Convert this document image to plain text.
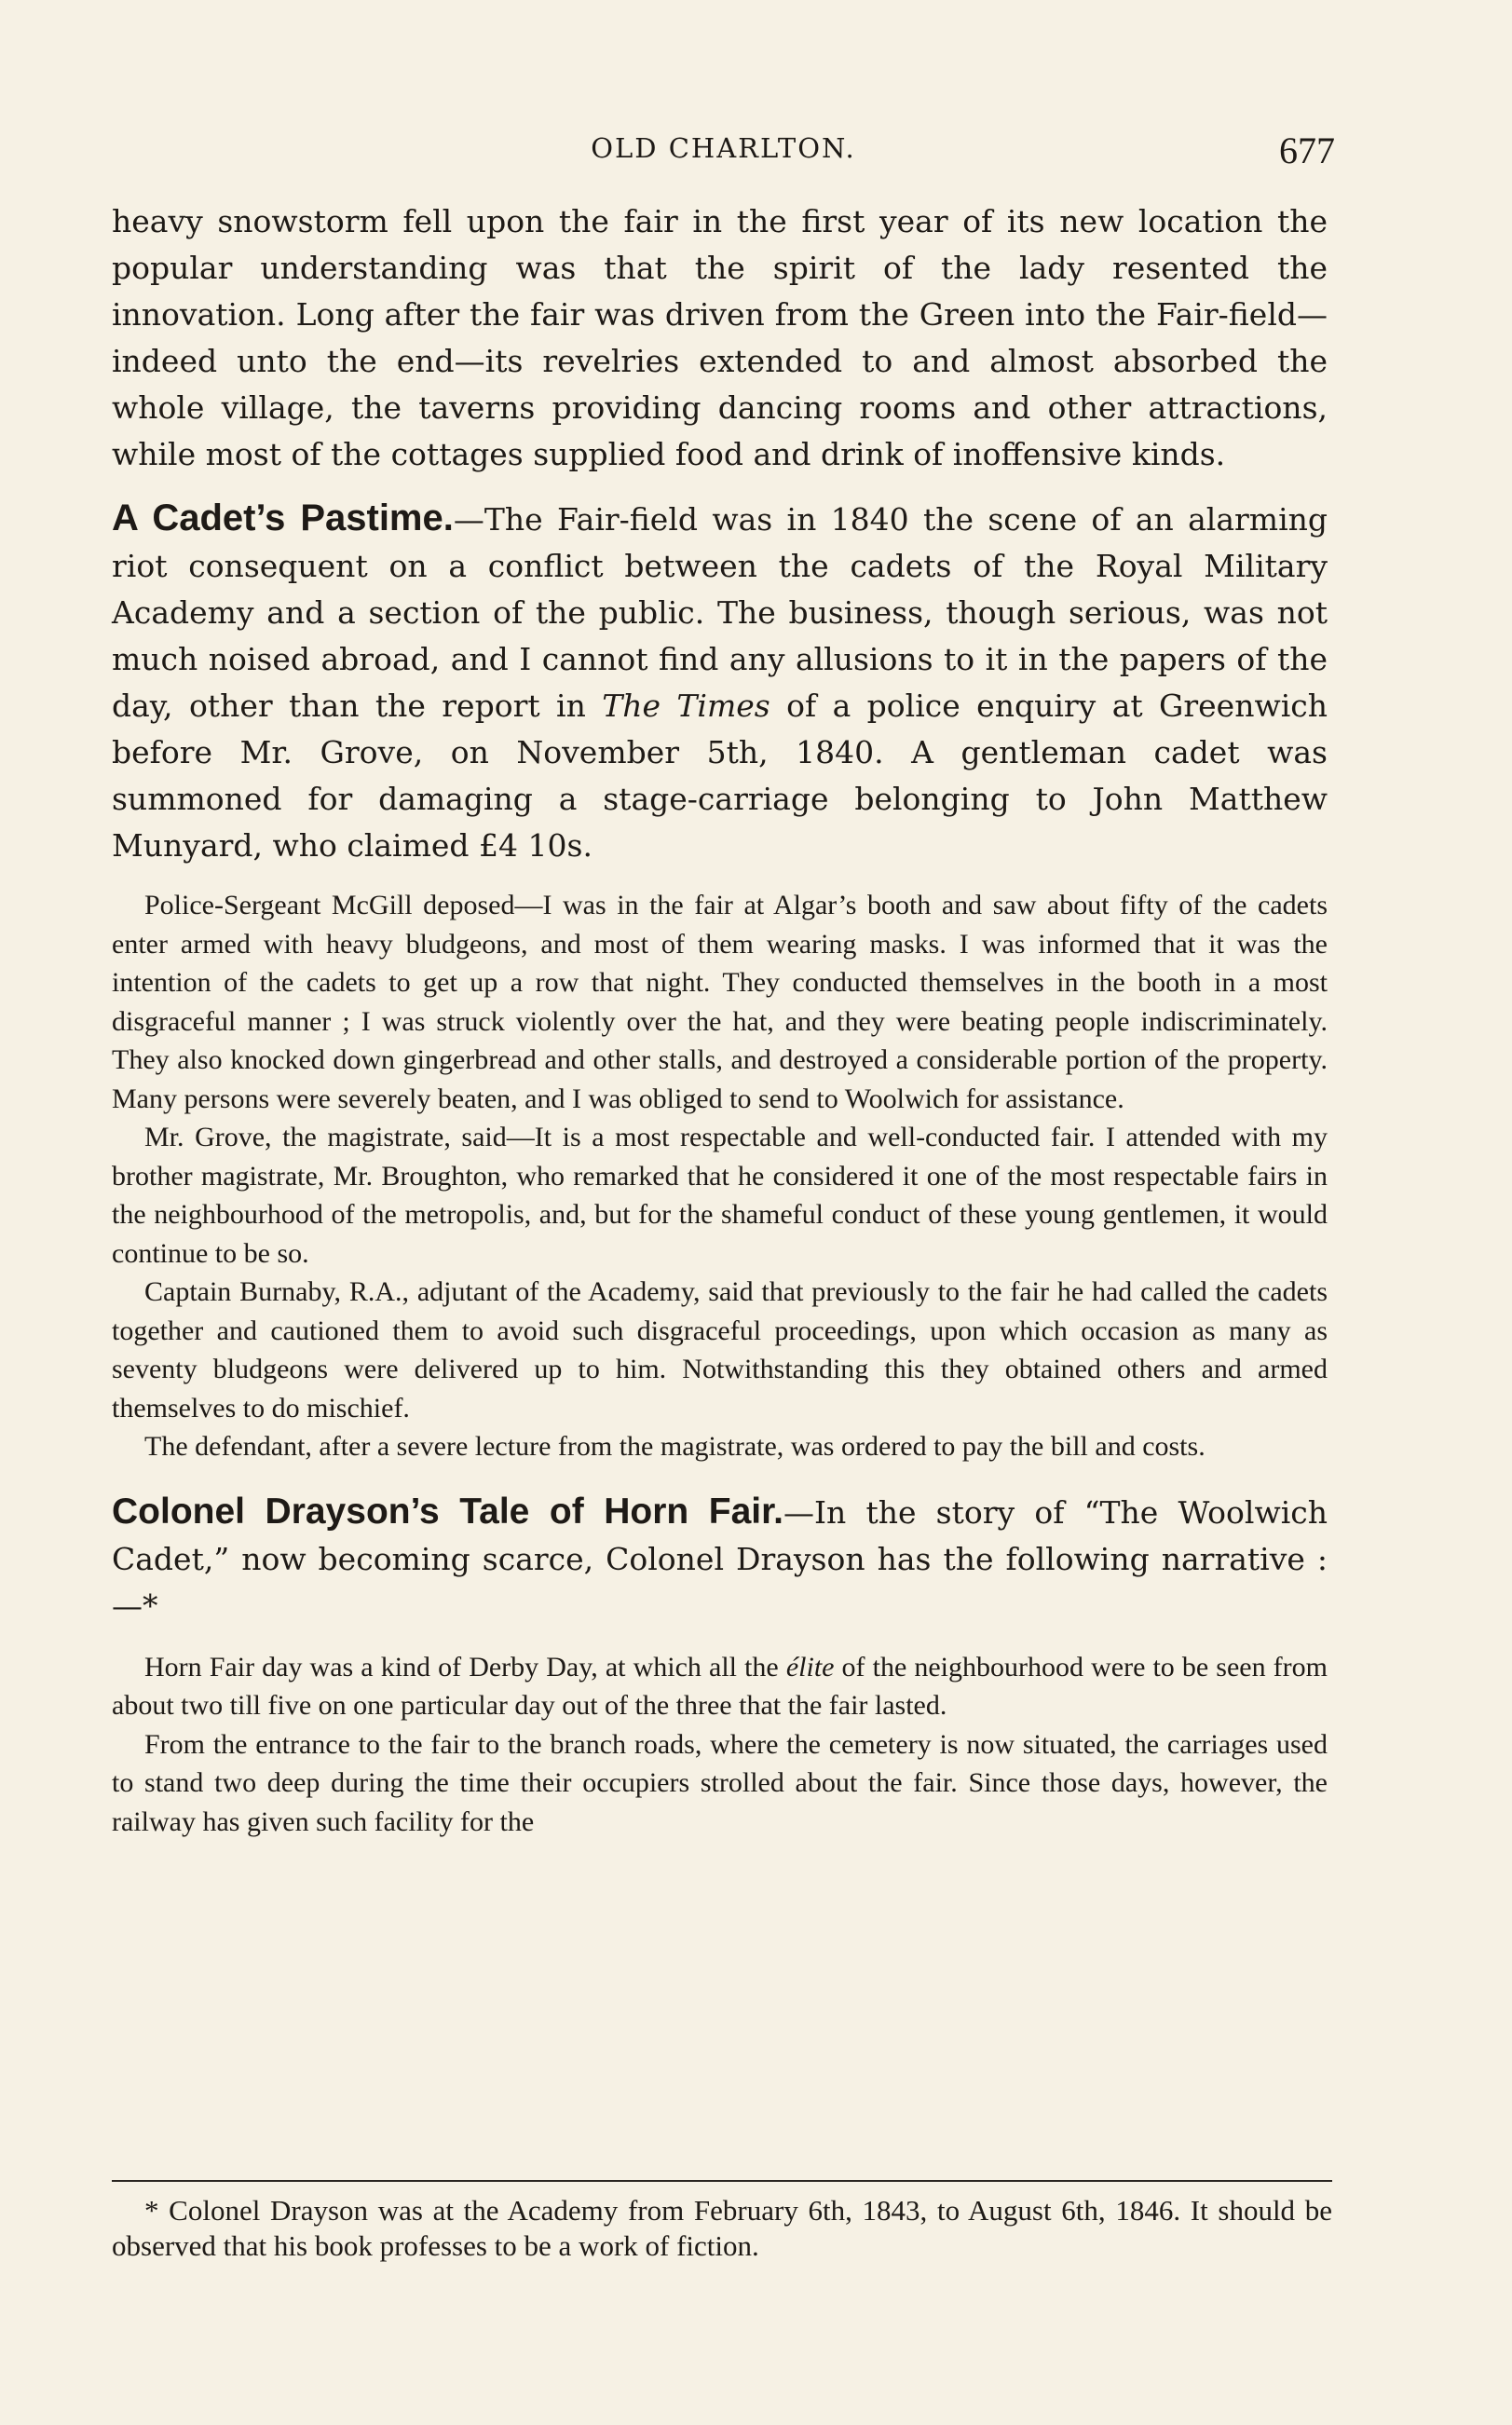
OLD CHARLTON.	677

heavy snowstorm fell upon the fair in the first year of its new location the popular understanding was that the spirit of the lady resented the innovation. Long after the fair was driven from the Green into the Fair-field—indeed unto the end—its revelries extended to and almost absorbed the whole village, the taverns providing dancing rooms and other attractions, while most of the cottages supplied food and drink of inoffensive kinds.

A Cadet’s Pastime.—The Fair-field was in 1840 the scene of an alarming riot consequent on a conflict between the cadets of the Royal Military Academy and a section of the public. The business, though serious, was not much noised abroad, and I cannot find any allusions to it in the papers of the day, other than the report in The Times of a police enquiry at Greenwich before Mr. Grove, on November 5th, 1840. A gentleman cadet was summoned for damaging a stage-carriage belonging to John Matthew Munyard, who claimed £4 10s.

Police-Sergeant McGill deposed—I was in the fair at Algar’s booth and saw about fifty of the cadets enter armed with heavy bludgeons, and most of them wearing masks. I was informed that it was the intention of the cadets to get up a row that night. They conducted themselves in the booth in a most disgraceful manner ; I was struck violently over the hat, and they were beating people indiscriminately. They also knocked down gingerbread and other stalls, and destroyed a considerable portion of the property. Many persons were severely beaten, and I was obliged to send to Woolwich for assistance.

Mr. Grove, the magistrate, said—It is a most respectable and well-conducted fair. I attended with my brother magistrate, Mr. Broughton, who remarked that he considered it one of the most respectable fairs in the neighbourhood of the metropolis, and, but for the shameful conduct of these young gentlemen, it would continue to be so.

Captain Burnaby, R.A., adjutant of the Academy, said that previously to the fair he had called the cadets together and cautioned them to avoid such disgraceful proceedings, upon which occasion as many as seventy bludgeons were delivered up to him. Notwithstanding this they obtained others and armed themselves to do mischief.

The defendant, after a severe lecture from the magistrate, was ordered to pay the bill and costs.

Colonel Drayson’s Tale of Horn Fair.—In the story of “The Woolwich Cadet,” now becoming scarce, Colonel Drayson has the following narrative :—*

Horn Fair day was a kind of Derby Day, at which all the élite of the neighbourhood were to be seen from about two till five on one particular day out of the three that the fair lasted.

From the entrance to the fair to the branch roads, where the cemetery is now situated, the carriages used to stand two deep during the time their occupiers strolled about the fair. Since those days, however, the railway has given such facility for the

* Colonel Drayson was at the Academy from February 6th, 1843, to August 6th, 1846. It should be observed that his book professes to be a work of fiction.
